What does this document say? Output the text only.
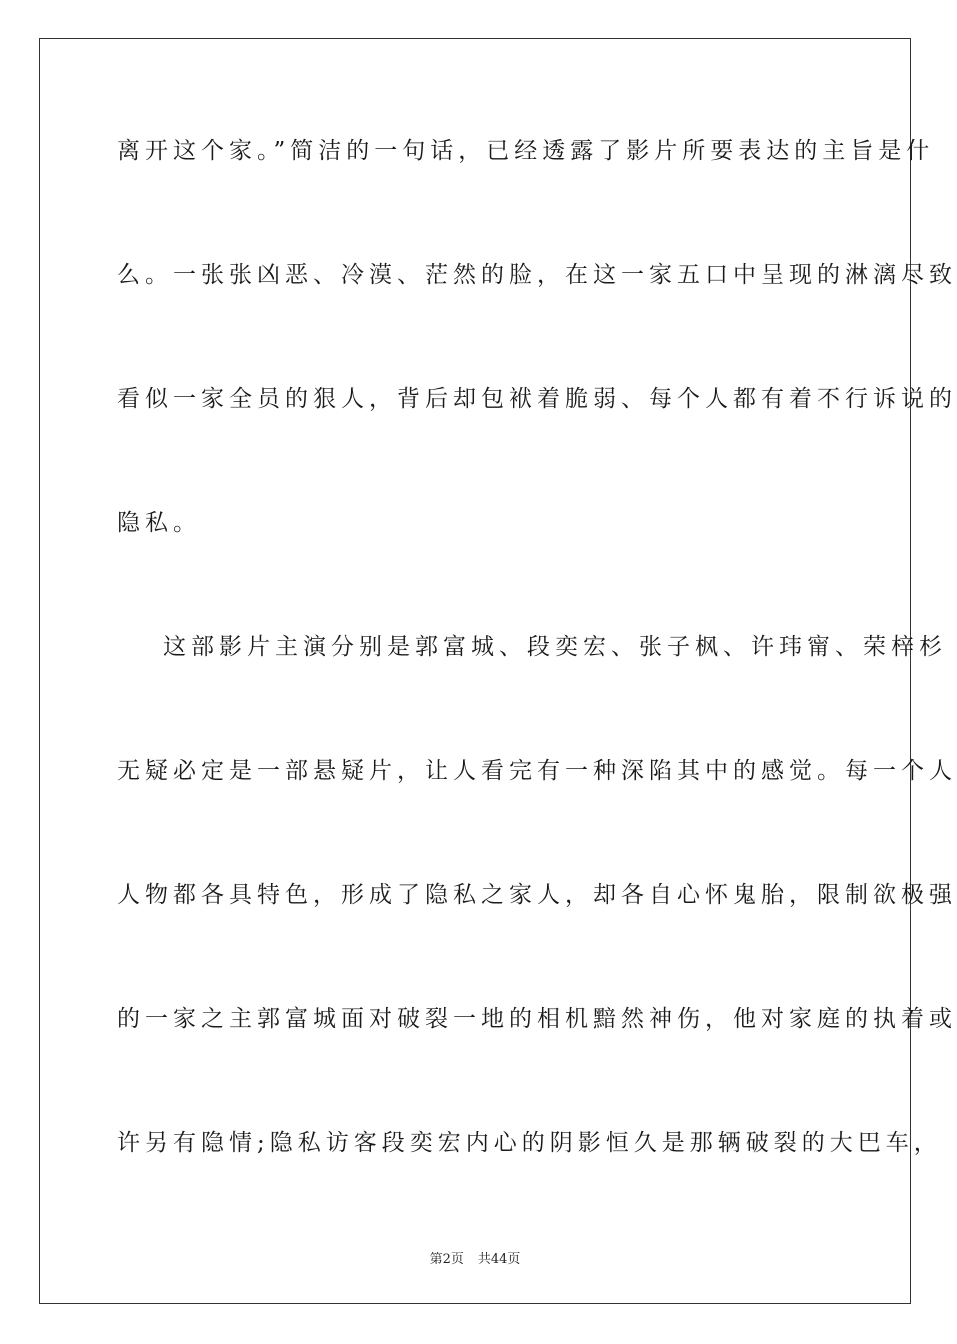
离开这个家。”简洁的一句话，已经透露了影片所要表达的主旨是什
么。一张张凶恶、冷漠、茫然的脸，在这一家五口中呈现的淋漓尽致
看似一家全员的狠人，背后却包袱着脆弱、每个人都有着不行诉说的
隐私。
这部影片主演分别是郭富城、段奕宏、张子枫、许玮甯、荣梓杉
无疑必定是一部悬疑片，让人看完有一种深陷其中的感觉。每一个人
人物都各具特色，形成了隐私之家人，却各自心怀鬼胎，限制欲极强
的一家之主郭富城面对破裂一地的相机黯然神伤，他对家庭的执着或
许另有隐情;隐私访客段奕宏内心的阴影恒久是那辆破裂的大巴车，
第2页 共44页
